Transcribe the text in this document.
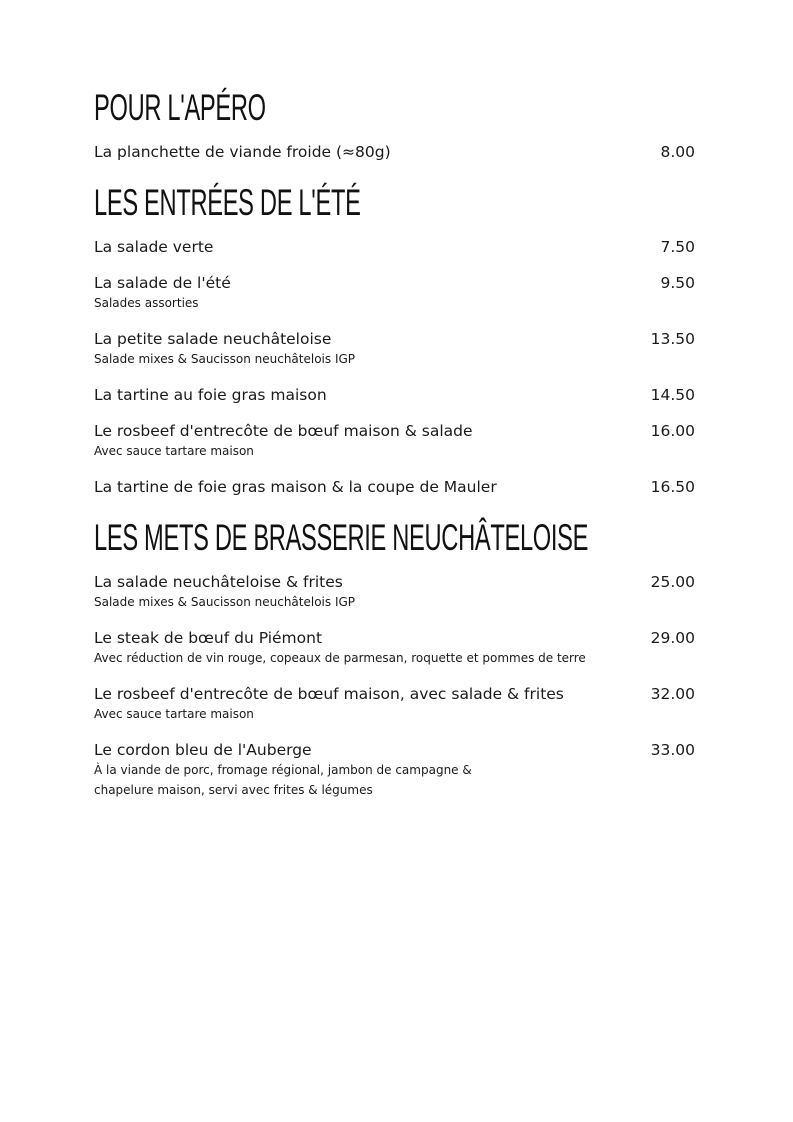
POUR L'APÉRO
La planchette de viande froide (≈80g)	8.00
LES ENTRÉES DE L'ÉTÉ
La salade verte	7.50
La salade de l'été	9.50
Salades assorties
La petite salade neuchâteloise	13.50
Salade mixes & Saucisson neuchâtelois IGP
La tartine au foie gras maison	14.50
Le rosbeef d'entrecôte de bœuf maison & salade	16.00
Avec sauce tartare maison
La tartine de foie gras maison & la coupe de Mauler	16.50
LES METS DE BRASSERIE NEUCHÂTELOISE
La salade neuchâteloise & frites	25.00
Salade mixes & Saucisson neuchâtelois IGP
Le steak de bœuf du Piémont	29.00
Avec réduction de vin rouge, copeaux de parmesan, roquette et pommes de terre
Le rosbeef d'entrecôte de bœuf maison, avec salade & frites	32.00
Avec sauce tartare maison
Le cordon bleu de l'Auberge	33.00
À la viande de porc, fromage régional, jambon de campagne &
chapelure maison, servi avec frites & légumes
